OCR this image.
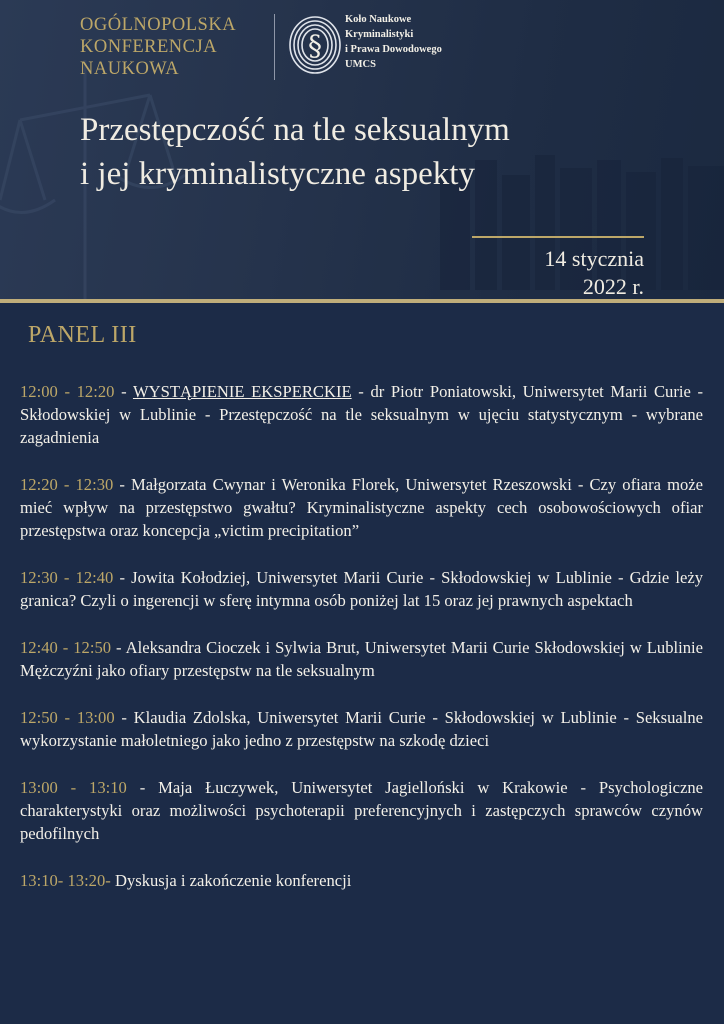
OGÓLNOPOLSKA
KONFERENCJA
NAUKOWA
§
Koło Naukowe
Kryminalistyki
i Prawa Dowodowego
UMCS
Przestępczość na tle seksualnym
i jej kryminalistyczne aspekty
14 stycznia
2022 r.
PANEL III

12:00 - 12:20 - WYSTĄPIENIE EKSPERCKIE - dr Piotr Poniatowski, Uniwersytet Marii Curie - Skłodowskiej w Lublinie - Przestępczość na tle seksualnym w ujęciu statystycznym - wybrane zagadnienia

12:20 - 12:30 - Małgorzata Cwynar i Weronika Florek, Uniwersytet Rzeszowski - Czy ofiara może mieć wpływ na przestępstwo gwałtu? Kryminalistyczne aspekty cech osobowościowych ofiar przestępstwa oraz koncepcja „victim precipitation”

12:30 - 12:40 - Jowita Kołodziej, Uniwersytet Marii Curie - Skłodowskiej w Lublinie - Gdzie leży granica? Czyli o ingerencji w sferę intymna osób poniżej lat 15 oraz jej prawnych aspektach

12:40 - 12:50 - Aleksandra Cioczek i Sylwia Brut, Uniwersytet Marii Curie Skłodowskiej w Lublinie Mężczyźni jako ofiary przestępstw na tle seksualnym

12:50 - 13:00 - Klaudia Zdolska, Uniwersytet Marii Curie - Skłodowskiej w Lublinie - Seksualne wykorzystanie małoletniego jako jedno z przestępstw na szkodę dzieci

13:00 - 13:10 - Maja Łuczywek, Uniwersytet Jagielloński w Krakowie - Psychologiczne charakterystyki oraz możliwości psychoterapii preferencyjnych i zastępczych sprawców czynów pedofilnych

13:10- 13:20- Dyskusja i zakończenie konferencji
